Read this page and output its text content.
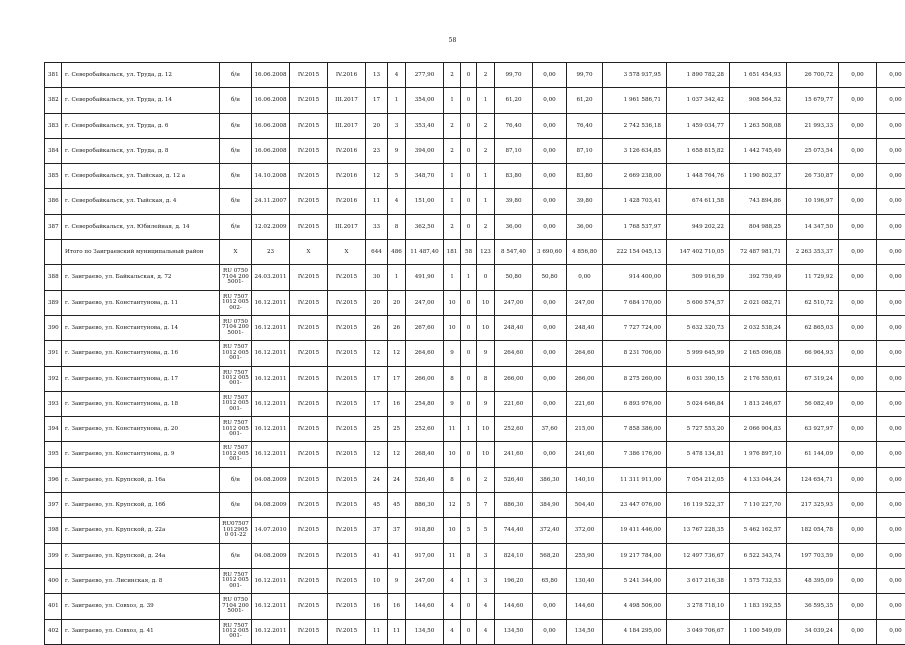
58
381	г. Северобайкальск, ул. Труда, д. 12	б/н	16.06.2008	IV.2015	IV.2016	13	4	277,90	2	0	2	99,70	0,00	99,70	3 578 937,95	1 890 782,28	1 651 454,93	26 700,72	0,00	0,00
382	г. Северобайкальск, ул. Труда, д. 14	б/н	16.06.2008	IV.2015	III.2017	17	1	354,00	1	0	1	61,20	0,00	61,20	1 961 586,71	1 037 342,42	908 564,52	15 679,77	0,00	0,00
383	г. Северобайкальск, ул. Труда, д. 6	б/н	16.06.2008	IV.2015	III.2017	20	3	353,40	2	0	2	76,40	0,00	76,40	2 742 536,18	1 459 034,77	1 263 508,08	21 993,33	0,00	0,00
384	г. Северобайкальск, ул. Труда, д. 8	б/н	16.06.2008	IV.2015	IV.2016	23	9	394,00	2	0	2	87,10	0,00	87,10	3 126 634,85	1 658 815,82	1 442 745,49	25 073,54	0,00	0,00
385	г. Северобайкальск, ул. Тыйская, д. 12 а	б/н	14.10.2008	IV.2015	IV.2016	12	5	348,70	1	0	1	83,80	0,00	83,80	2 669 238,00	1 448 764,76	1 190 802,37	26 730,87	0,00	0,00
386	г. Северобайкальск, ул. Тыйская, д. 4	б/н	24.11.2007	IV.2015	IV.2016	11	4	151,00	1	0	1	39,80	0,00	39,80	1 428 703,41	674 611,58	743 894,86	10 196,97	0,00	0,00
387	г. Северобайкальск, ул. Юбилейная, д. 14	б/н	12.02.2009	IV.2015	III.2017	33	8	362,50	2	0	2	36,00	0,00	36,00	1 768 537,97	949 202,22	804 988,25	14 347,50	0,00	0,00
	Итого по Заиграевский муниципальный район	X	23	X	X	644	486	11 487,40	181	58	123	8 547,40	3 690,60	4 856,80	222 154 045,13	147 402 710,05	72 487 981,71	2 263 353,37	0,00	0,00
388	г. Заиграево, ул. Байкальская, д. 72	RU 07507104 2005001-	24.03.2011	IV.2015	IV.2015	30	1	491,90	1	1	0	50,80	50,80	0,00	914 400,00	509 916,59	392 759,49	11 729,92	0,00	0,00
389	г. Заиграево, ул. Константунова, д. 11	RU 75071012 005002-	16.12.2011	IV.2015	IV.2015	20	20	247,00	10	0	10	247,00	0,00	247,00	7 684 170,00	5 600 574,57	2 021 082,71	62 510,72	0,00	0,00
390	г. Заиграево, ул. Константунова, д. 14	RU 07507104 2005001-	16.12.2011	IV.2015	IV.2015	26	26	267,60	10	0	10	248,40	0,00	248,40	7 727 724,00	5 632 320,73	2 032 538,24	62 865,03	0,00	0,00
391	г. Заиграево, ул. Константунова, д. 16	RU 75071012 005001-	16.12.2011	IV.2015	IV.2015	12	12	264,60	9	0	9	264,60	0,00	264,60	8 231 706,00	5 999 645,99	2 165 096,08	66 964,93	0,00	0,00
392	г. Заиграево, ул. Константунова, д. 17	RU 75071012 005001-	16.12.2011	IV.2015	IV.2015	17	17	266,00	8	0	8	266,00	0,00	266,00	8 275 260,00	6 031 390,15	2 176 550,61	67 319,24	0,00	0,00
393	г. Заиграево, ул. Константунова, д. 18	RU 75071012 005001-	16.12.2011	IV.2015	IV.2015	17	16	254,80	9	0	9	221,60	0,00	221,60	6 893 976,00	5 024 646,84	1 813 246,67	56 082,49	0,00	0,00
394	г. Заиграево, ул. Константунова, д. 20	RU 75071012 005001-	16.12.2011	IV.2015	IV.2015	25	25	252,60	11	1	10	252,60	37,60	215,00	7 858 386,00	5 727 553,20	2 066 904,83	63 927,97	0,00	0,00
395	г. Заиграево, ул. Константунова, д. 9	RU 75071012 005001-	16.12.2011	IV.2015	IV.2015	12	12	268,40	10	0	10	241,60	0,00	241,60	7 386 176,00	5 478 134,81	1 976 897,10	61 144,09	0,00	0,00
396	г. Заиграево, ул. Крупской, д. 16а	б/н	04.08.2009	IV.2015	IV.2015	24	24	526,40	8	6	2	526,40	386,30	140,10	11 311 911,00	7 054 212,05	4 133 044,24	124 654,71	0,00	0,00
397	г. Заиграево, ул. Крупской, д. 16б	б/н	04.08.2009	IV.2015	IV.2015	45	45	886,30	12	5	7	886,30	384,90	504,40	23 447 076,00	16 119 522,37	7 110 227,70	217 325,93	0,00	0,00
398	г. Заиграево, ул. Крупской, д. 22а	RU07507 10129050 01-22	14.07.2010	IV.2015	IV.2015	37	37	918,80	10	5	5	744,40	372,40	372,00	19 411 446,00	13 767 228,35	5 462 162,57	182 054,78	0,00	0,00
399	г. Заиграево, ул. Крупской, д. 24а	б/н	04.08.2009	IV.2015	IV.2015	41	41	917,00	11	8	3	824,10	568,20	255,90	19 217 784,00	12 497 736,67	6 522 343,74	197 703,59	0,00	0,00
400	г. Заиграево, ул. Лисинская, д. 8	RU 75071012 005001-	16.12.2011	IV.2015	IV.2015	10	9	247,00	4	1	3	196,20	65,80	130,40	5 241 344,00	3 617 216,38	1 575 732,53	48 395,09	0,00	0,00
401	г. Заиграево, ул. Совхоз, д. 39	RU 07507104 2005001-	16.12.2011	IV.2015	IV.2015	16	16	144,60	4	0	4	144,60	0,00	144,60	4 498 506,00	3 278 718,10	1 183 192,55	36 595,35	0,00	0,00
402	г. Заиграево, ул. Совхоз, д. 41	RU 75071012 005001-	16.12.2011	IV.2015	IV.2015	11	11	134,50	4	0	4	134,50	0,00	134,50	4 184 295,00	3 049 706,67	1 100 549,09	34 039,24	0,00	0,00
